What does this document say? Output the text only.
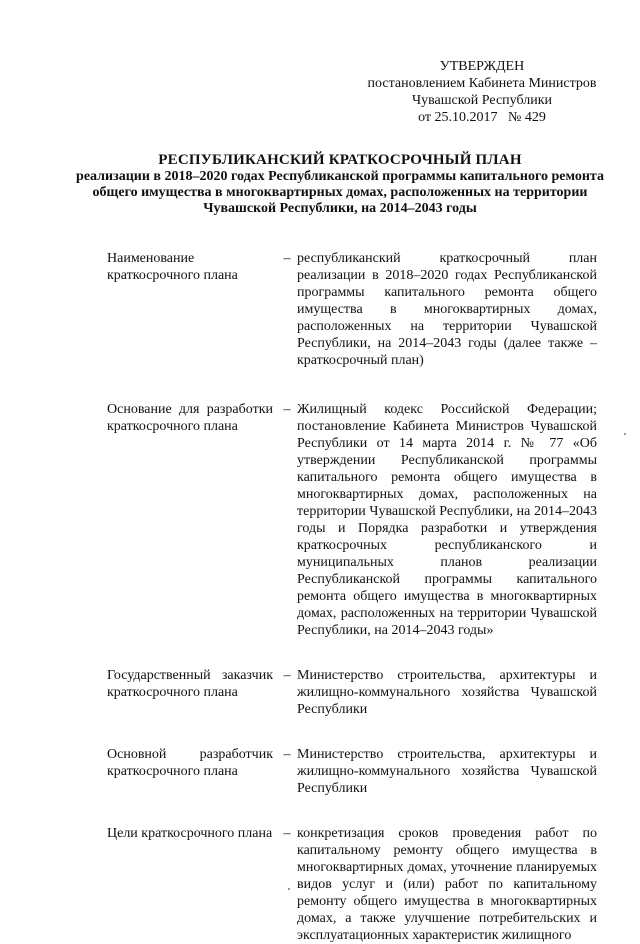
УТВЕРЖДЕН
постановлением Кабинета Министров
Чувашской Республики
от 25.10.2017   № 429
РЕСПУБЛИКАНСКИЙ КРАТКОСРОЧНЫЙ ПЛАН
реализации в 2018–2020 годах Республиканской программы капитального ремонта общего имущества в многоквартирных домах, расположенных на территории Чувашской Республики, на 2014–2043 годы
Наименование краткосрочного плана
– республиканский краткосрочный план реализации в 2018–2020 годах Республиканской программы капитального ремонта общего имущества в многоквартирных домах, расположенных на территории Чувашской Республики, на 2014–2043 годы (далее также – краткосрочный план)
Основание для разработки краткосрочного плана
– Жилищный кодекс Российской Федерации; постановление Кабинета Министров Чувашской Республики от 14 марта 2014 г. № 77 «Об утверждении Республиканской программы капитального ремонта общего имущества в многоквартирных домах, расположенных на территории Чувашской Республики, на 2014–2043 годы и Порядка разработки и утверждения краткосрочных республиканского и муниципальных планов реализации Республиканской программы капитального ремонта общего имущества в многоквартирных домах, расположенных на территории Чувашской Республики, на 2014–2043 годы»
Государственный заказчик краткосрочного плана
– Министерство строительства, архитектуры и жилищно-коммунального хозяйства Чувашской Республики
Основной разработчик краткосрочного плана
– Министерство строительства, архитектуры и жилищно-коммунального хозяйства Чувашской Республики
Цели краткосрочного плана – конкретизация сроков проведения работ по капитальному ремонту общего имущества в многоквартирных домах, уточнение планируемых видов услуг и (или) работ по капитальному ремонту общего имущества в многоквартирных домах, а также улучшение потребительских и эксплуатационных характеристик жилищного
